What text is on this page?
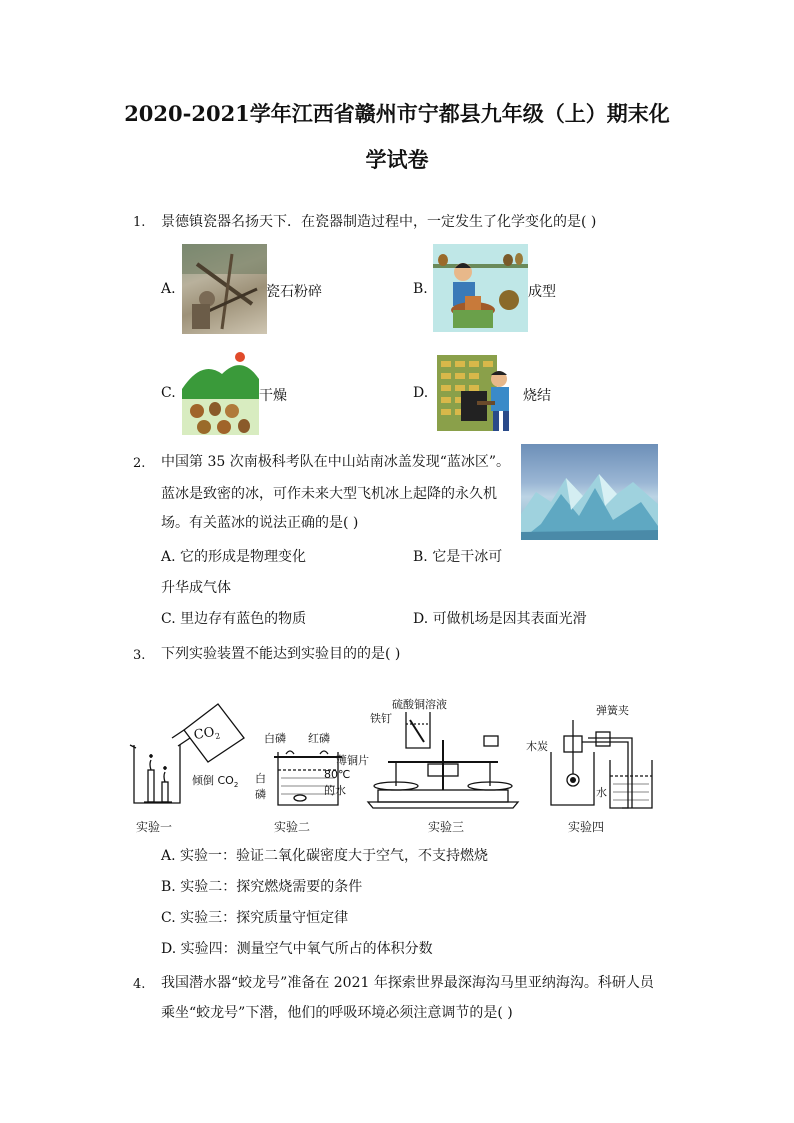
2020-2021学年江西省赣州市宁都县九年级（上）期末化
学试卷
1. 景德镇瓷器名扬天下．在瓷器制造过程中，一定发生了化学变化的是( )
A.	瓷石粉碎	B.	成型
C.	干燥	D.	烧结
2. 中国第 35 次南极科考队在中山站南冰盖发现“蓝冰区”。
蓝冰是致密的冰，可作未来大型飞机冰上起降的永久机
场。有关蓝冰的说法正确的是( )
A. 它的形成是物理变化	B. 它是干冰可
升华成气体
C. 里边存有蓝色的物质	D. 可做机场是因其表面光滑
3. 下列实验装置不能达到实验目的的是( )
$CO_2$
倾倒 $CO_2$
白磷 红磷
薄铜片
白
磷
80℃
的水
硫酸铜溶液
铁钉
弹簧夹
木炭
水
实验一	实验二	实验三	实验四
A. 实验一：验证二氧化碳密度大于空气，不支持燃烧
B. 实验二：探究燃烧需要的条件
C. 实验三：探究质量守恒定律
D. 实验四：测量空气中氧气所占的体积分数
4. 我国潜水器“蛟龙号”准备在 2021 年探索世界最深海沟马里亚纳海沟。科研人员
乘坐“蛟龙号”下潜，他们的呼吸环境必须注意调节的是( )
